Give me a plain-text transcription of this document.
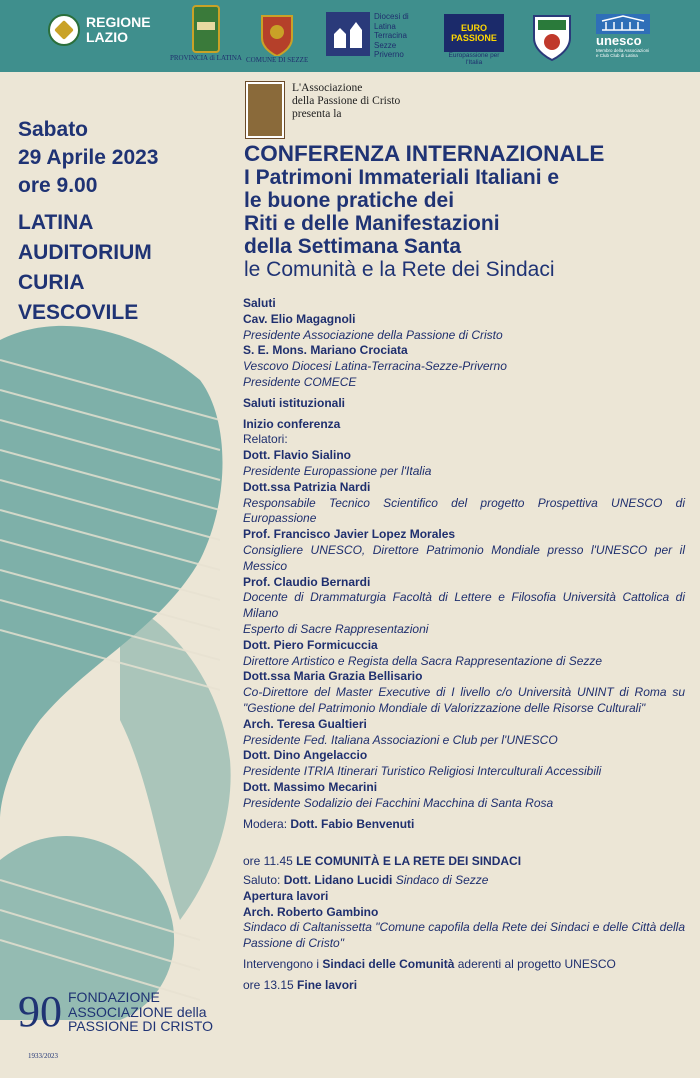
REGIONE LAZIO
PROVINCIA di LATINA COMUNE DI SEZZE
Diocesi di Latina Terracina Sezze Priverno
EURO PASSIONE
Europassione per l'Italia
unesco
Membro della Associazioni e Club Club di Latina

Sabato

29 Aprile 2023

ore 9.00

LATINA

AUDITORIUM

CURIA

VESCOVILE

L'Associazione
della Passione di Cristo
presenta la
CONFERENZA INTERNAZIONALE
I Patrimoni Immateriali Italiani e
le buone pratiche dei
Riti e delle Manifestazioni
della Settimana Santa
le Comunità e la Rete dei Sindaci
Saluti
Cav. Elio Magagnoli
Presidente Associazione della Passione di Cristo
S. E. Mons. Mariano Crociata
Vescovo Diocesi Latina-Terracina-Sezze-Priverno
Presidente COMECE
Saluti istituzionali
Inizio conferenza
Relatori:
Dott. Flavio Sialino
Presidente Europassione per l'Italia
Dott.ssa Patrizia Nardi
Responsabile Tecnico Scientifico del progetto Prospettiva UNESCO di Europassione
Prof. Francisco Javier Lopez Morales
Consigliere UNESCO, Direttore Patrimonio Mondiale presso l'UNESCO per il Messico
Prof. Claudio Bernardi
Docente di Drammaturgia Facoltà di Lettere e Filosofia Università Cattolica di Milano
Esperto di Sacre Rappresentazioni
Dott. Piero Formicuccia
Direttore Artistico e Regista della Sacra Rappresentazione di Sezze
Dott.ssa Maria Grazia Bellisario
Co-Direttore del Master Executive di I livello c/o Università UNINT di Roma su "Gestione del Patrimonio Mondiale di Valorizzazione delle Risorse Culturali"
Arch. Teresa Gualtieri
Presidente Fed. Italiana Associazioni e Club per l'UNESCO
Dott. Dino Angelaccio
Presidente ITRIA Itinerari Turistico Religiosi Interculturali Accessibili
Dott. Massimo Mecarini
Presidente Sodalizio dei Facchini Macchina di Santa Rosa
Modera: Dott. Fabio Benvenuti
ore 11.45 LE COMUNITÀ E LA RETE DEI SINDACI
Saluto: Dott. Lidano Lucidi Sindaco di Sezze
Apertura lavori
Arch. Roberto Gambino
Sindaco di Caltanissetta "Comune capofila della Rete dei Sindaci e delle Città della Passione di Cristo"
Intervengono i Sindaci delle Comunità aderenti al progetto UNESCO
ore 13.15 Fine lavori
90
1933/2023
FONDAZIONE
ASSOCIAZIONE della
PASSIONE DI CRISTO
